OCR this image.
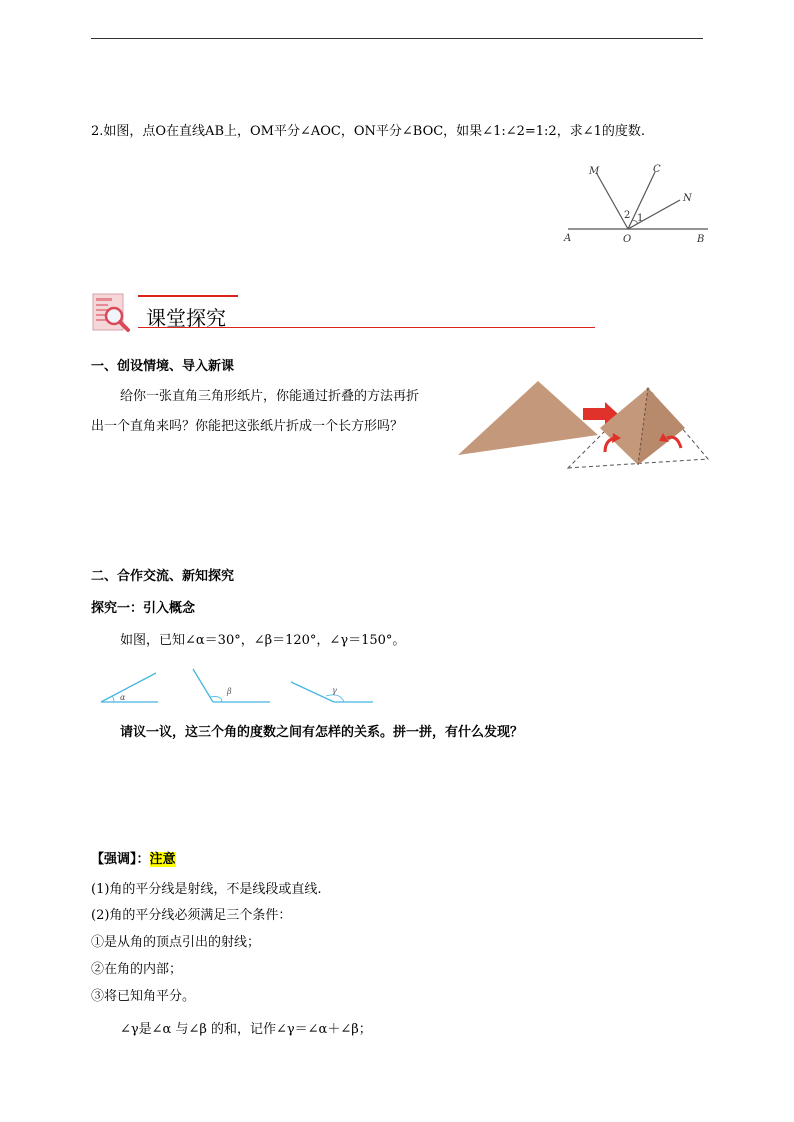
2.如图，点O在直线AB上，OM平分∠AOC，ON平分∠BOC，如果∠1:∠2=1:2，求∠1的度数.
M	C
N
A	O	B
1
2
课堂探究
一、创设情境、导入新课
给你一张直角三角形纸片，你能通过折叠的方法再折
出一个直角来吗？你能把这张纸片折成一个长方形吗？
二、合作交流、新知探究
探究一：引入概念
如图，已知∠α＝30°，∠β＝120°，∠γ＝150°。
α
β	γ
请议一议，这三个角的度数之间有怎样的关系。拼一拼，有什么发现？
【强调】：注意
(1)角的平分线是射线，不是线段或直线.
(2)角的平分线必须满足三个条件：
①是从角的顶点引出的射线；
②在角的内部；
③将已知角平分。
∠γ是∠α 与∠β 的和，记作∠γ＝∠α＋∠β；
